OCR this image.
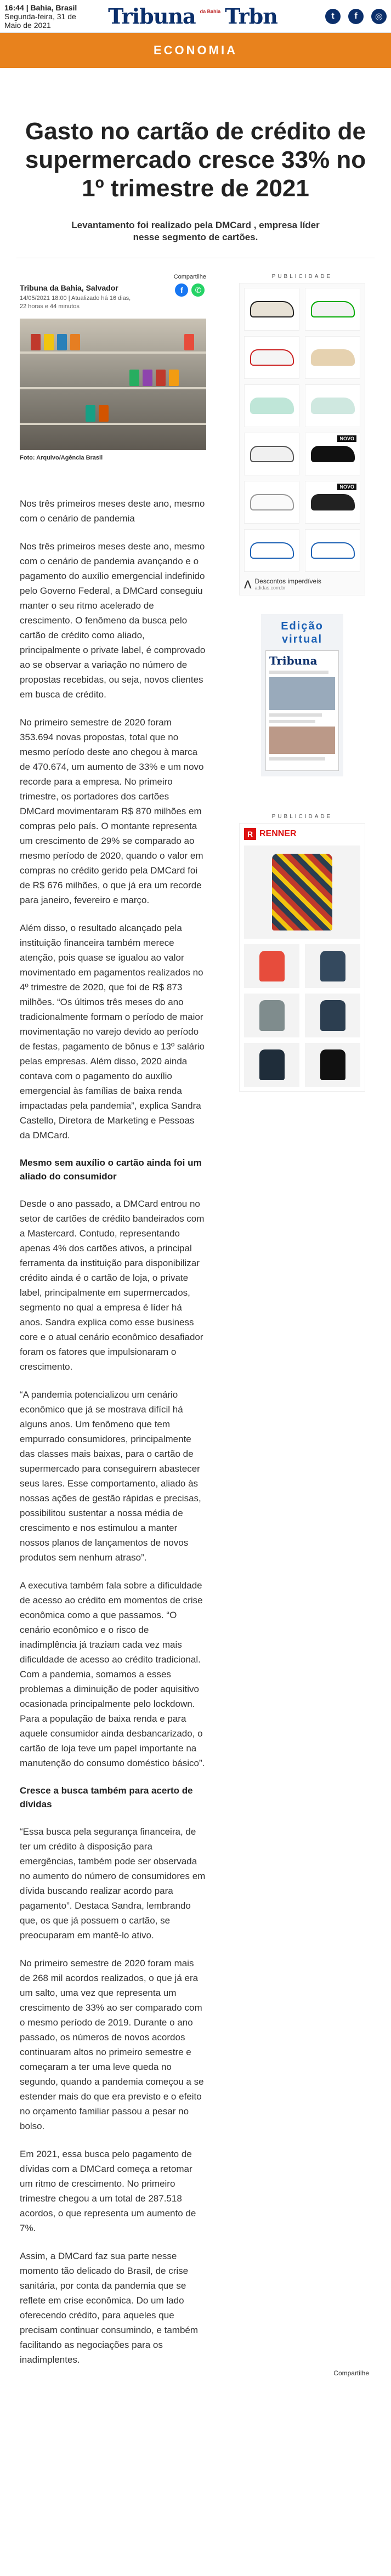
16:44 | Bahia, Brasil
Segunda-feira, 31 de Maio de 2021	Tribuna da Bahia Trbn	t	f	◎
ECONOMIA
Gasto no cartão de crédito de supermercado cresce 33% no 1º trimestre de 2021
Levantamento foi realizado pela DMCard , empresa líder nesse segmento de cartões.
Tribuna da Bahia, Salvador
14/05/2021 18:00 | Atualizado há 16 dias, 22 horas e 44 minutos
Compartilhe
f	✆
Foto: Arquivo/Agência Brasil

Nos três primeiros meses deste ano, mesmo com o cenário de pandemia

Nos três primeiros meses deste ano, mesmo com o cenário de pandemia avançando e o pagamento do auxílio emergencial indefinido pelo Governo Federal, a DMCard conseguiu manter o seu ritmo acelerado de crescimento. O fenômeno da busca pelo cartão de crédito como aliado, principalmente o private label, é comprovado ao se observar a variação no número de propostas recebidas, ou seja, novos clientes em busca de crédito.

No primeiro semestre de 2020 foram 353.694 novas propostas, total que no mesmo período deste ano chegou à marca de 470.674, um aumento de 33% e um novo recorde para a empresa. No primeiro trimestre, os portadores dos cartões DMCard movimentaram R$ 870 milhões em compras pelo país. O montante representa um crescimento de 29% se comparado ao mesmo período de 2020, quando o valor em compras no crédito gerido pela DMCard foi de R$ 676 milhões, o que já era um recorde para janeiro, fevereiro e março.

Além disso, o resultado alcançado pela instituição financeira também merece atenção, pois quase se igualou ao valor movimentado em pagamentos realizados no 4º trimestre de 2020, que foi de R$ 873 milhões. “Os últimos três meses do ano tradicionalmente formam o período de maior movimentação no varejo devido ao período de festas, pagamento de bônus e 13º salário pelas empresas. Além disso, 2020 ainda contava com o pagamento do auxílio emergencial às famílias de baixa renda impactadas pela pandemia”, explica Sandra Castello, Diretora de Marketing e Pessoas da DMCard.

Mesmo sem auxílio o cartão ainda foi um aliado do consumidor

Desde o ano passado, a DMCard entrou no setor de cartões de crédito bandeirados com a Mastercard. Contudo, representando apenas 4% dos cartões ativos, a principal ferramenta da instituição para disponibilizar crédito ainda é o cartão de loja, o private label, principalmente em supermercados, segmento no qual a empresa é líder há anos. Sandra explica como esse business core e o atual cenário econômico desafiador foram os fatores que impulsionaram o crescimento.

“A pandemia potencializou um cenário econômico que já se mostrava difícil há alguns anos. Um fenômeno que tem empurrado consumidores, principalmente das classes mais baixas, para o cartão de supermercado para conseguirem abastecer seus lares. Esse comportamento, aliado às nossas ações de gestão rápidas e precisas, possibilitou sustentar a nossa média de crescimento e nos estimulou a manter nossos planos de lançamentos de novos produtos sem nenhum atraso”.

A executiva também fala sobre a dificuldade de acesso ao crédito em momentos de crise econômica como a que passamos. “O cenário econômico e o risco de inadimplência já traziam cada vez mais dificuldade de acesso ao crédito tradicional. Com a pandemia, somamos a esses problemas a diminuição de poder aquisitivo ocasionada principalmente pelo lockdown. Para a população de baixa renda e para aquele consumidor ainda desbancarizado, o cartão de loja teve um papel importante na manutenção do consumo doméstico básico”.

Cresce a busca também para acerto de dívidas

“Essa busca pela segurança financeira, de ter um crédito à disposição para emergências, também pode ser observada no aumento do número de consumidores em dívida buscando realizar acordo para pagamento”. Destaca Sandra, lembrando que, os que já possuem o cartão, se preocuparam em mantê-lo ativo.

No primeiro semestre de 2020 foram mais de 268 mil acordos realizados, o que já era um salto, uma vez que representa um crescimento de 33% ao ser comparado com o mesmo período de 2019. Durante o ano passado, os números de novos acordos continuaram altos no primeiro semestre e começaram a ter uma leve queda no segundo, quando a pandemia começou a se estender mais do que era previsto e o efeito no orçamento familiar passou a pesar no bolso.

Em 2021, essa busca pelo pagamento de dívidas com a DMCard começa a retomar um ritmo de crescimento. No primeiro trimestre chegou a um total de 287.518 acordos, o que representa um aumento de 7%.

Assim, a DMCard faz sua parte nesse momento tão delicado do Brasil, de crise sanitária, por conta da pandemia que se reflete em crise econômica. Do um lado oferecendo crédito, para aqueles que precisam continuar consumindo, e também facilitando as negociações para os inadimplentes.

PUBLICIDADE
NOVO
NOVO
⋀ Descontos imperdíveis
adidas.com.br
Edição virtual
Tribuna
PUBLICIDADE
R RENNER
Compartilhe
